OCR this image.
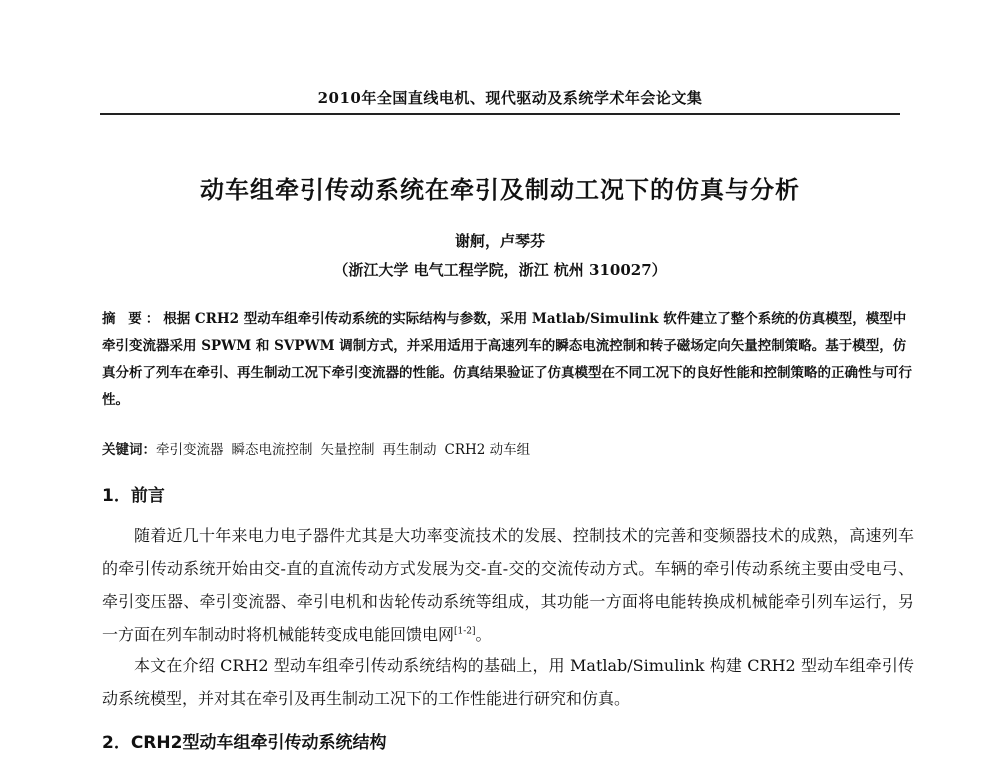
2010年全国直线电机、现代驱动及系统学术年会论文集
动车组牵引传动系统在牵引及制动工况下的仿真与分析
谢舸，卢琴芬
（浙江大学 电气工程学院，浙江 杭州 310027）

摘 要：根据 CRH2 型动车组牵引传动系统的实际结构与参数，采用 Matlab/Simulink 软件建立了整个系统的仿真模型，模型中牵引变流器采用 SPWM 和 SVPWM 调制方式，并采用适用于高速列车的瞬态电流控制和转子磁场定向矢量控制策略。基于模型，仿真分析了列车在牵引、再生制动工况下牵引变流器的性能。仿真结果验证了仿真模型在不同工况下的良好性能和控制策略的正确性与可行性。

关键词：牵引变流器 瞬态电流控制 矢量控制 再生制动 CRH2 动车组

1．前言

随着近几十年来电力电子器件尤其是大功率变流技术的发展、控制技术的完善和变频器技术的成熟，高速列车的牵引传动系统开始由交-直的直流传动方式发展为交-直-交的交流传动方式。车辆的牵引传动系统主要由受电弓、牵引变压器、牵引变流器、牵引电机和齿轮传动系统等组成，其功能一方面将电能转换成机械能牵引列车运行，另一方面在列车制动时将机械能转变成电能回馈电网[1-2]。

本文在介绍 CRH2 型动车组牵引传动系统结构的基础上，用 Matlab/Simulink 构建 CRH2 型动车组牵引传动系统模型，并对其在牵引及再生制动工况下的工作性能进行研究和仿真。

2．CRH2型动车组牵引传动系统结构
